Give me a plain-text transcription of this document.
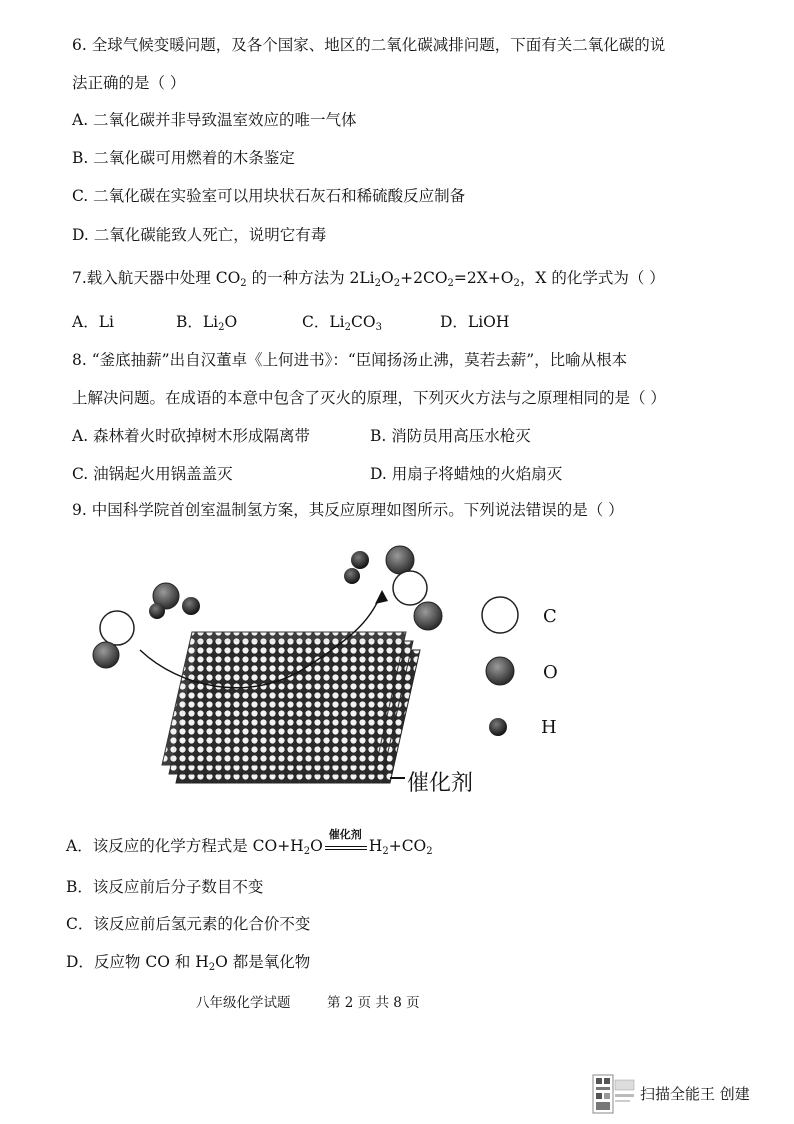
6. 全球气候变暖问题，及各个国家、地区的二氧化碳减排问题，下面有关二氧化碳的说
法正确的是（ ）
A. 二氧化碳并非导致温室效应的唯一气体
B. 二氧化碳可用燃着的木条鉴定
C. 二氧化碳在实验室可以用块状石灰石和稀硫酸反应制备
D. 二氧化碳能致人死亡，说明它有毒
7.载入航天器中处理 $CO_2$ 的一种方法为 $2Li_2O_2+2CO_2=2X+O_2$，X 的化学式为（ ）
A．Li	B．$Li_2O$	C．$Li_2CO_3$	D．LiOH
8. “釜底抽薪”出自汉董卓《上何进书》：“臣闻扬汤止沸，莫若去薪”，比喻从根本
上解决问题。在成语的本意中包含了灭火的原理，下列灭火方法与之原理相同的是（ ）
A. 森林着火时砍掉树木形成隔离带	B. 消防员用高压水枪灭
C. 油锅起火用锅盖盖灭	D. 用扇子将蜡烛的火焰扇灭
9. 中国科学院首创室温制氢方案，其反应原理如图所示。下列说法错误的是（ ）
C
O
H
催化剂
A．该反应的化学方程式是 $CO+H_2O$
催化剂
$H_2+CO_2$
B．该反应前后分子数目不变
C．该反应前后氢元素的化合价不变
D．反应物 CO 和 $H_2O$ 都是氧化物
八年级化学试题	第 2 页 共 8 页
扫描全能王 创建
